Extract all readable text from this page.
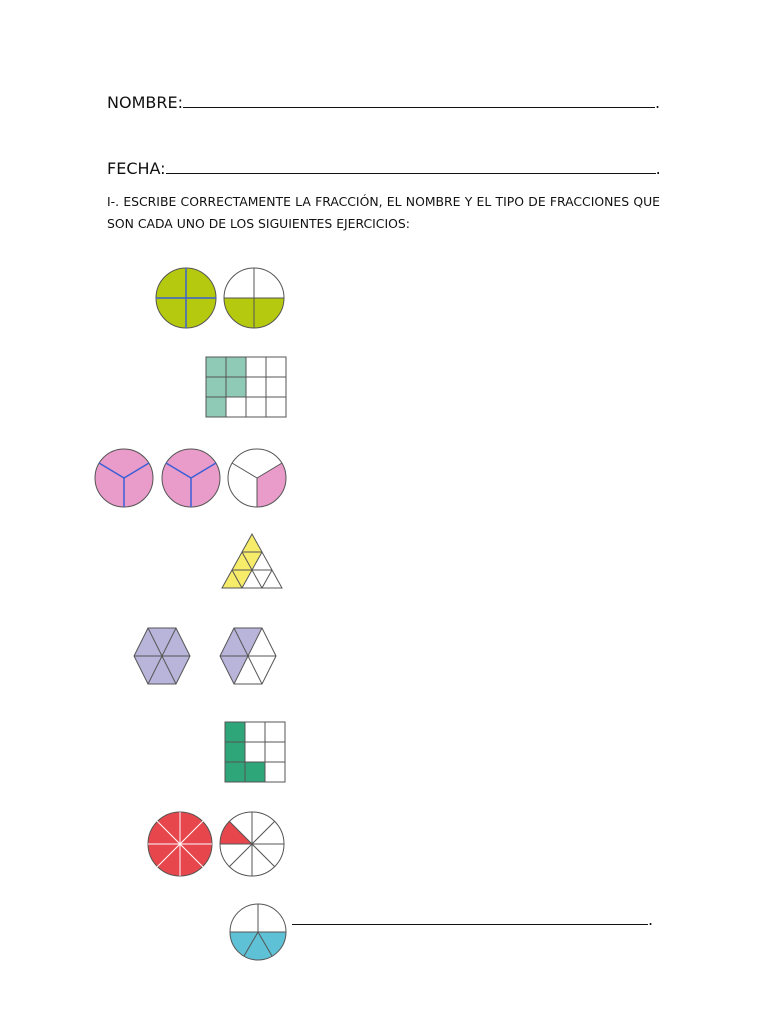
NOMBRE:	.
FECHA:	.
I-. ESCRIBE CORRECTAMENTE LA FRACCIÓN, EL NOMBRE Y EL TIPO DE FRACCIONES QUE SON CADA UNO DE LOS SIGUIENTES EJERCICIOS:
.
